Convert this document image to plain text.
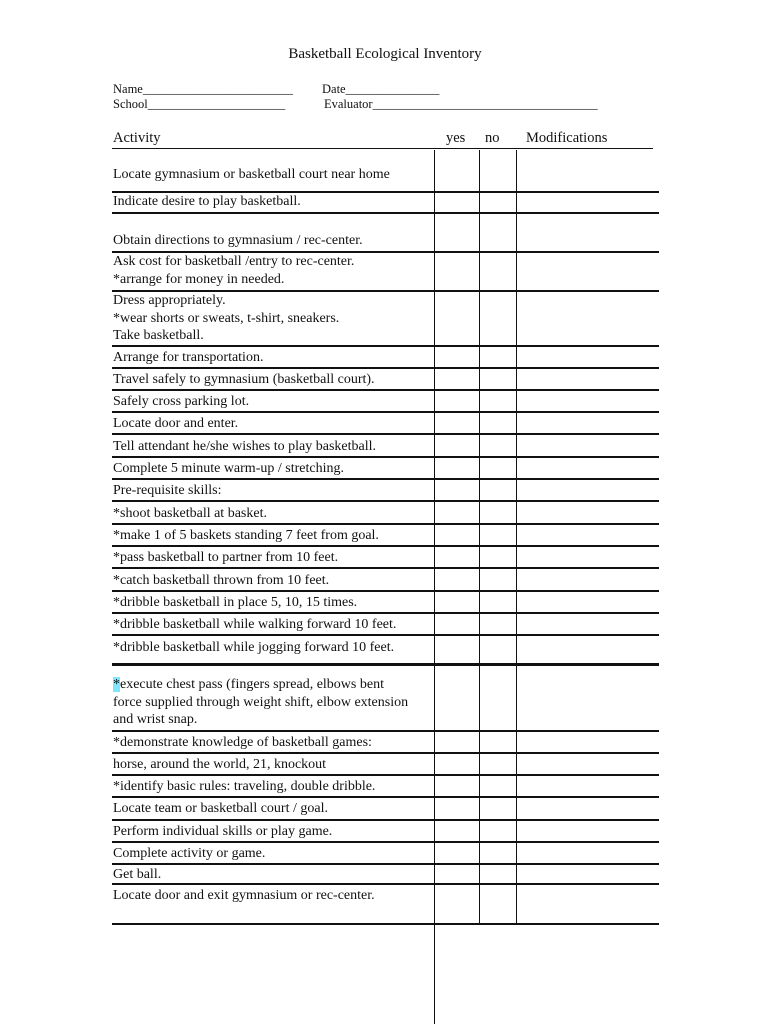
Basketball Ecological Inventory
Name________________________ Date_______________
School______________________	Evaluator____________________________________
Activity	yes no Modifications
Locate gymnasium or basketball court near home
Indicate desire to play basketball.
Obtain directions to gymnasium / rec-center.
Ask cost for basketball /entry to rec-center.
*arrange for money in needed.
Dress appropriately.
*wear shorts or sweats, t-shirt, sneakers.
Take basketball.
Arrange for transportation.
Travel safely to gymnasium (basketball court).
Safely cross parking lot.
Locate door and enter.
Tell attendant he/she wishes to play basketball.
Complete 5 minute warm-up / stretching.
Pre-requisite skills:
*shoot basketball at basket.
*make 1 of 5 baskets standing 7 feet from goal.
*pass basketball to partner from 10 feet.
*catch basketball thrown from 10 feet.
*dribble basketball in place 5, 10, 15 times.
*dribble basketball while walking forward 10 feet.
*dribble basketball while jogging forward 10 feet.
*execute chest pass (fingers spread, elbows bent
force supplied through weight shift, elbow extension
and wrist snap.
*demonstrate knowledge of basketball games:
horse, around the world, 21, knockout
*identify basic rules: traveling, double dribble.
Locate team or basketball court / goal.
Perform individual skills or play game.
Complete activity or game.
Get ball.
Locate door and exit gymnasium or rec-center.
